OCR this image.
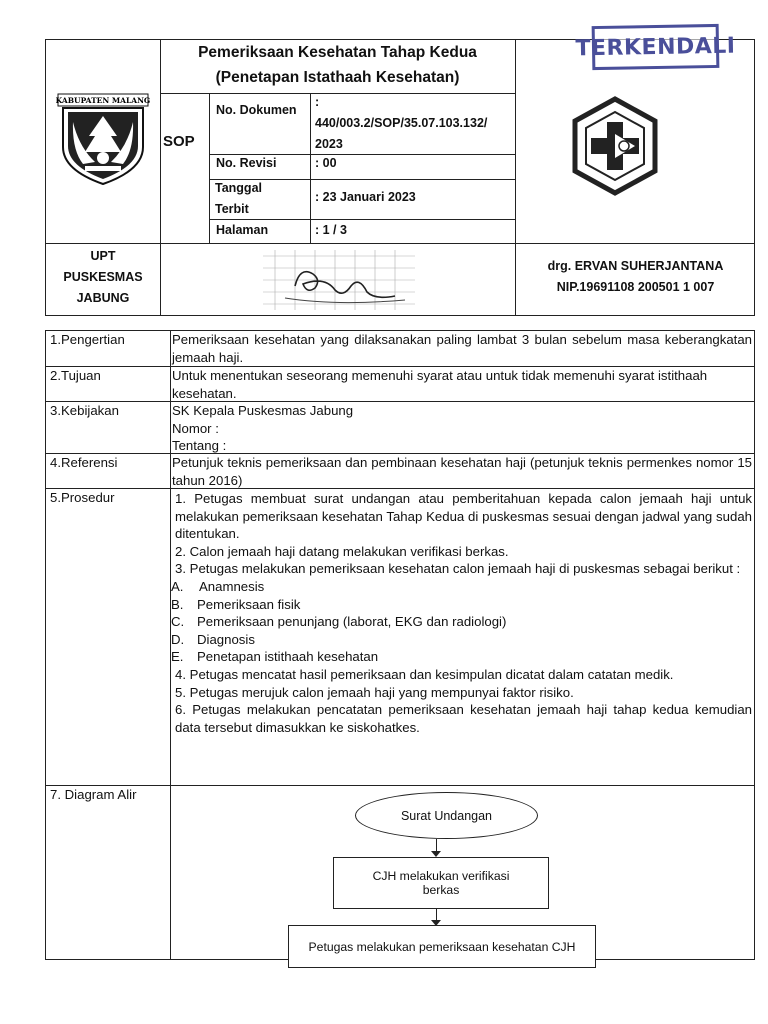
Pemeriksaan Kesehatan Tahap Kedua
(Penetapan Istathaah Kesehatan)
KABUPATEN MALANG
SOP
No. Dokumen
:
440/003.2/SOP/35.07.103.132/ 2023
No. Revisi	: 00
Tanggal Terbit
: 23 Januari 2023
Halaman	: 1 / 3
TERKENDALI
UPT
PUSKESMAS
JABUNG
drg. ERVAN SUHERJANTANA
NIP.19691108 200501 1 007
1.Pengertian
2.Tujuan
3.Kebijakan
4.Referensi
5.Prosedur
7. Diagram Alir
Pemeriksaan kesehatan yang dilaksanakan paling lambat 3 bulan sebelum masa keberangkatan jemaah haji.
Untuk menentukan seseorang memenuhi syarat atau untuk tidak memenuhi syarat istithaah kesehatan.
SK Kepala Puskesmas Jabung
Nomor :
Tentang :
Petunjuk teknis pemeriksaan dan pembinaan kesehatan haji (petunjuk teknis permenkes nomor 15 tahun 2016)
1. Petugas membuat surat undangan atau pemberitahuan kepada calon jemaah haji untuk melakukan pemeriksaan kesehatan Tahap Kedua di puskesmas sesuai dengan jadwal yang sudah ditentukan.
2. Calon jemaah haji datang melakukan verifikasi berkas.
3. Petugas melakukan pemeriksaan kesehatan calon jemaah haji di puskesmas sebagai berikut :
A. Anamnesis
B. Pemeriksaan fisik
C. Pemeriksaan penunjang (laborat, EKG dan radiologi)
D. Diagnosis
E. Penetapan istithaah kesehatan
4. Petugas mencatat hasil pemeriksaan dan kesimpulan dicatat dalam catatan medik.
5. Petugas merujuk calon jemaah haji yang mempunyai faktor risiko.
6. Petugas melakukan pencatatan pemeriksaan kesehatan jemaah haji tahap kedua kemudian data tersebut dimasukkan ke siskohatkes.
Surat Undangan
CJH melakukan verifikasi berkas
Petugas melakukan pemeriksaan kesehatan CJH
